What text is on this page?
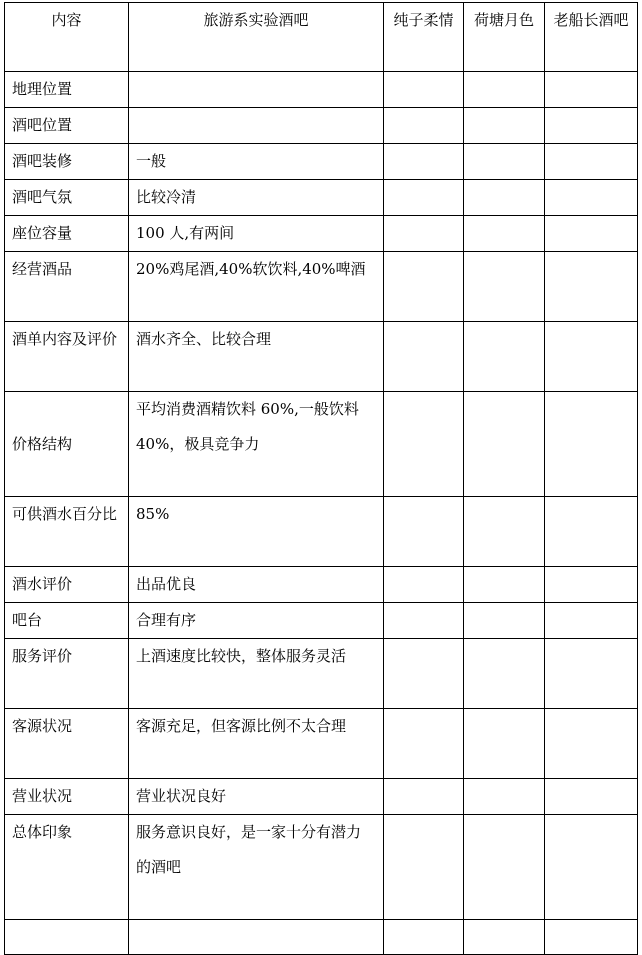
内容	旅游系实验酒吧	纯子柔情	荷塘月色	老船长酒吧
地理位置				
酒吧位置				
酒吧装修	一般			
酒吧气氛	比较冷清			
座位容量	100 人,有两间			
经营酒品	20%鸡尾酒,40%软饮料,40%啤酒			
酒单内容及评价	酒水齐全、比较合理			
价格结构	平均消费酒精饮料 60%,一般饮料
40%，极具竞争力			

可供酒水百分比	85%			
酒水评价	出品优良			
吧台	合理有序			
服务评价	上酒速度比较快，整体服务灵活			
客源状况	客源充足，但客源比例不太合理			
营业状况	营业状况良好			
总体印象	服务意识良好，是一家十分有潜力
的酒吧			
